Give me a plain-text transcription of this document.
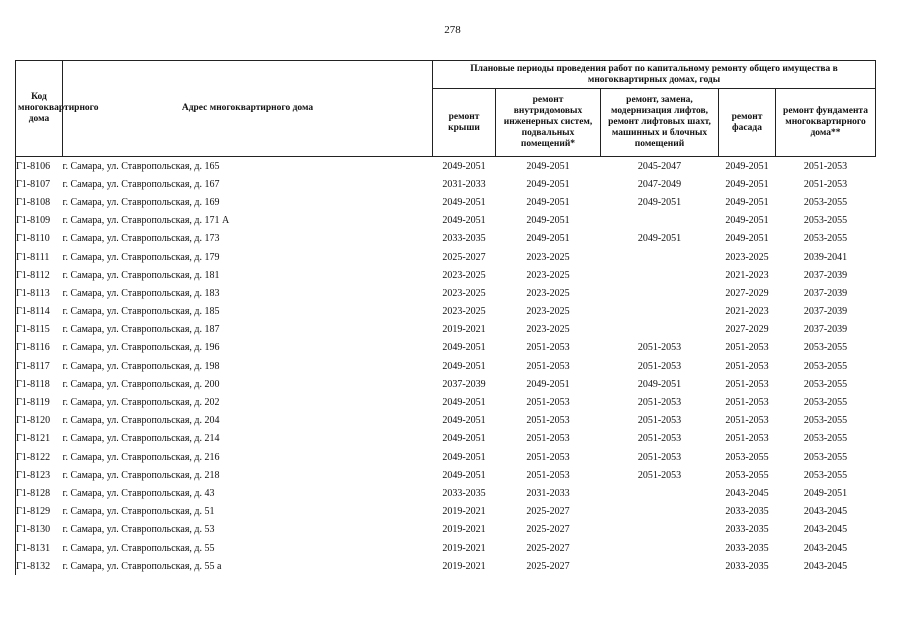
278
Код многоквартирного дома	Адрес многоквартирного дома	Плановые периоды проведения работ по капитальному ремонту общего имущества в многоквартирных домах, годы				
		ремонт крыши	ремонт внутридомовых инженерных систем, подвальных помещений*	ремонт, замена, модернизация лифтов, ремонт лифтовых шахт, машинных и блочных помещений	ремонт фасада	ремонт фундамента многоквартирного дома**
Г1-8106	г. Самара, ул. Ставропольская, д. 165	2049-2051	2049-2051	2045-2047	2049-2051	2051-2053
Г1-8107	г. Самара, ул. Ставропольская, д. 167	2031-2033	2049-2051	2047-2049	2049-2051	2051-2053
Г1-8108	г. Самара, ул. Ставропольская, д. 169	2049-2051	2049-2051	2049-2051	2049-2051	2053-2055
Г1-8109	г. Самара, ул. Ставропольская, д. 171 А	2049-2051	2049-2051		2049-2051	2053-2055
Г1-8110	г. Самара, ул. Ставропольская, д. 173	2033-2035	2049-2051	2049-2051	2049-2051	2053-2055
Г1-8111	г. Самара, ул. Ставропольская, д. 179	2025-2027	2023-2025		2023-2025	2039-2041
Г1-8112	г. Самара, ул. Ставропольская, д. 181	2023-2025	2023-2025		2021-2023	2037-2039
Г1-8113	г. Самара, ул. Ставропольская, д. 183	2023-2025	2023-2025		2027-2029	2037-2039
Г1-8114	г. Самара, ул. Ставропольская, д. 185	2023-2025	2023-2025		2021-2023	2037-2039
Г1-8115	г. Самара, ул. Ставропольская, д. 187	2019-2021	2023-2025		2027-2029	2037-2039
Г1-8116	г. Самара, ул. Ставропольская, д. 196	2049-2051	2051-2053	2051-2053	2051-2053	2053-2055
Г1-8117	г. Самара, ул. Ставропольская, д. 198	2049-2051	2051-2053	2051-2053	2051-2053	2053-2055
Г1-8118	г. Самара, ул. Ставропольская, д. 200	2037-2039	2049-2051	2049-2051	2051-2053	2053-2055
Г1-8119	г. Самара, ул. Ставропольская, д. 202	2049-2051	2051-2053	2051-2053	2051-2053	2053-2055
Г1-8120	г. Самара, ул. Ставропольская, д. 204	2049-2051	2051-2053	2051-2053	2051-2053	2053-2055
Г1-8121	г. Самара, ул. Ставропольская, д. 214	2049-2051	2051-2053	2051-2053	2051-2053	2053-2055
Г1-8122	г. Самара, ул. Ставропольская, д. 216	2049-2051	2051-2053	2051-2053	2053-2055	2053-2055
Г1-8123	г. Самара, ул. Ставропольская, д. 218	2049-2051	2051-2053	2051-2053	2053-2055	2053-2055
Г1-8128	г. Самара, ул. Ставропольская, д. 43	2033-2035	2031-2033		2043-2045	2049-2051
Г1-8129	г. Самара, ул. Ставропольская, д. 51	2019-2021	2025-2027		2033-2035	2043-2045
Г1-8130	г. Самара, ул. Ставропольская, д. 53	2019-2021	2025-2027		2033-2035	2043-2045
Г1-8131	г. Самара, ул. Ставропольская, д. 55	2019-2021	2025-2027		2033-2035	2043-2045
Г1-8132	г. Самара, ул. Ставропольская, д. 55 а	2019-2021	2025-2027		2033-2035	2043-2045
